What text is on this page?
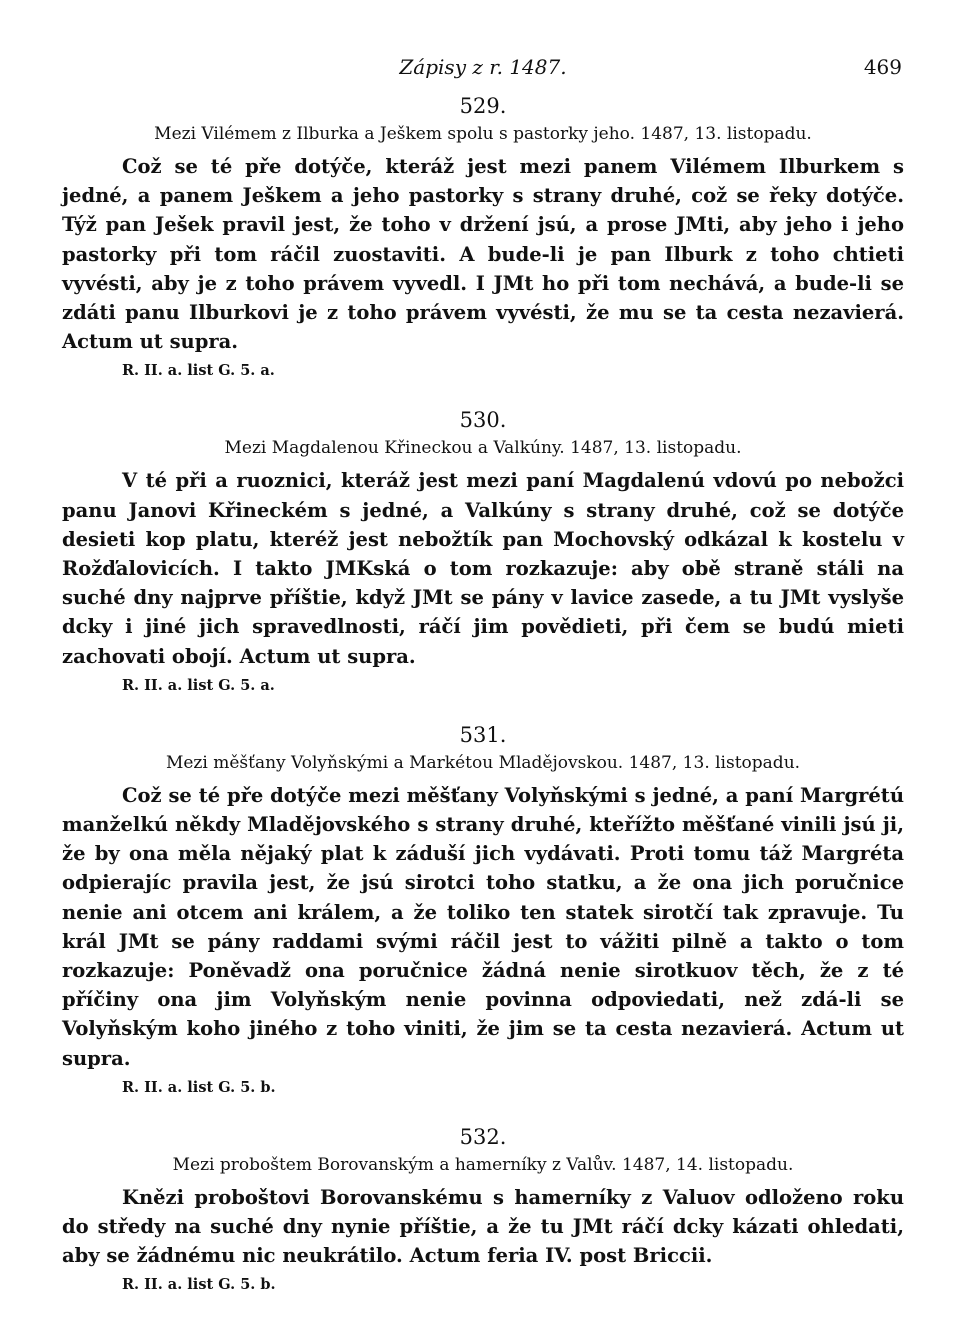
Zápisy z r. 1487.	469
529.
Mezi Vilémem z Ilburka a Ješkem spolu s pastorky jeho. 1487, 13. listopadu.

Což se té pře dotýče, kteráž jest mezi panem Vilémem Ilburkem s jedné, a panem Ješkem a jeho pastorky s strany druhé, což se řeky dotýče. Týž pan Ješek pravil jest, že toho v držení jsú, a prose JMti, aby jeho i jeho pastorky při tom ráčil zuostaviti. A bude-li je pan Ilburk z toho chtieti vyvésti, aby je z toho právem vyvedl. I JMt ho při tom nechává, a bude-li se zdáti panu Ilburkovi je z toho právem vyvésti, že mu se ta cesta nezavierá. Actum ut supra.

R. II. a. list G. 5. a.
530.
Mezi Magdalenou Křineckou a Valkúny. 1487, 13. listopadu.

V té při a ruoznici, kteráž jest mezi paní Magdalenú vdovú po nebožci panu Janovi Křineckém s jedné, a Valkúny s strany druhé, což se dotýče desieti kop platu, kteréž jest nebožtík pan Mochovský odkázal k kostelu v Rožďalovicích. I takto JMKská o tom rozkazuje: aby obě straně stáli na suché dny najprve příštie, když JMt se pány v lavice zasede, a tu JMt vyslyše dcky i jiné jich spravedlnosti, ráčí jim povědieti, při čem se budú mieti zachovati obojí. Actum ut supra.

R. II. a. list G. 5. a.
531.
Mezi měšťany Volyňskými a Markétou Mladějovskou. 1487, 13. listopadu.

Což se té pře dotýče mezi měšťany Volyňskými s jedné, a paní Margrétú manželkú někdy Mladějovského s strany druhé, kteřížto měšťané vinili jsú ji, že by ona měla nějaký plat k záduší jich vydávati. Proti tomu táž Margréta odpierajíc pravila jest, že jsú sirotci toho statku, a že ona jich poručnice nenie ani otcem ani králem, a že toliko ten statek sirotčí tak zpravuje. Tu král JMt se pány raddami svými ráčil jest to vážiti pilně a takto o tom rozkazuje: Poněvadž ona poručnice žádná nenie sirotkuov těch, že z té příčiny ona jim Volyňským nenie povinna odpoviedati, než zdá-li se Volyňským koho jiného z toho viniti, že jim se ta cesta nezavierá. Actum ut supra.

R. II. a. list G. 5. b.
532.
Mezi proboštem Borovanským a hamerníky z Valův. 1487, 14. listopadu.

Knězi proboštovi Borovanskému s hamerníky z Valuov odloženo roku do středy na suché dny nynie příštie, a že tu JMt ráčí dcky kázati ohledati, aby se žádnému nic neukrátilo. Actum feria IV. post Briccii.

R. II. a. list G. 5. b.
